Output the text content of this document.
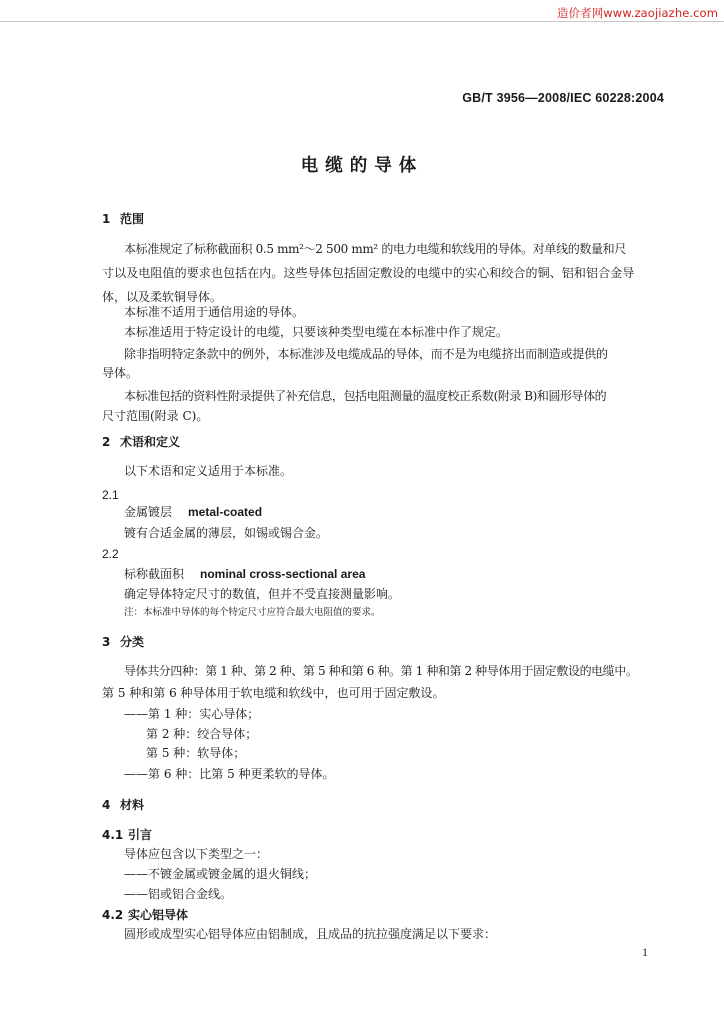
造价者网www.zaojiazhe.com
GB/T 3956—2008/IEC 60228:2004
电缆的导体
1 范围
本标准规定了标称截面积 0.5 mm²～2 500 mm² 的电力电缆和软线用的导体。对单线的数量和尺
寸以及电阻值的要求也包括在内。这些导体包括固定敷设的电缆中的实心和绞合的铜、铝和铝合金导
体，以及柔软铜导体。
本标准不适用于通信用途的导体。
本标准适用于特定设计的电缆，只要该种类型电缆在本标准中作了规定。
除非指明特定条款中的例外，本标准涉及电缆成品的导体，而不是为电缆挤出而制造或提供的
导体。
本标准包括的资料性附录提供了补充信息，包括电阻测量的温度校正系数(附录 B)和圆形导体的
尺寸范围(附录 C)。
2 术语和定义
以下术语和定义适用于本标准。
2.1
金属镀层 metal-coated
镀有合适金属的薄层，如锡或锡合金。
2.2
标称截面积 nominal cross-sectional area
确定导体特定尺寸的数值，但并不受直接测量影响。
注：本标准中导体的每个特定尺寸应符合最大电阻值的要求。
3 分类
导体共分四种：第 1 种、第 2 种、第 5 种和第 6 种。第 1 种和第 2 种导体用于固定敷设的电缆中。
第 5 种和第 6 种导体用于软电缆和软线中，也可用于固定敷设。
——第 1 种：实心导体；
第 2 种：绞合导体；
第 5 种：软导体；
——第 6 种：比第 5 种更柔软的导体。
4 材料
4.1 引言
导体应包含以下类型之一：
——不镀金属或镀金属的退火铜线；
——铝或铝合金线。
4.2 实心铝导体
圆形或成型实心铝导体应由铝制成，且成品的抗拉强度满足以下要求：
1
